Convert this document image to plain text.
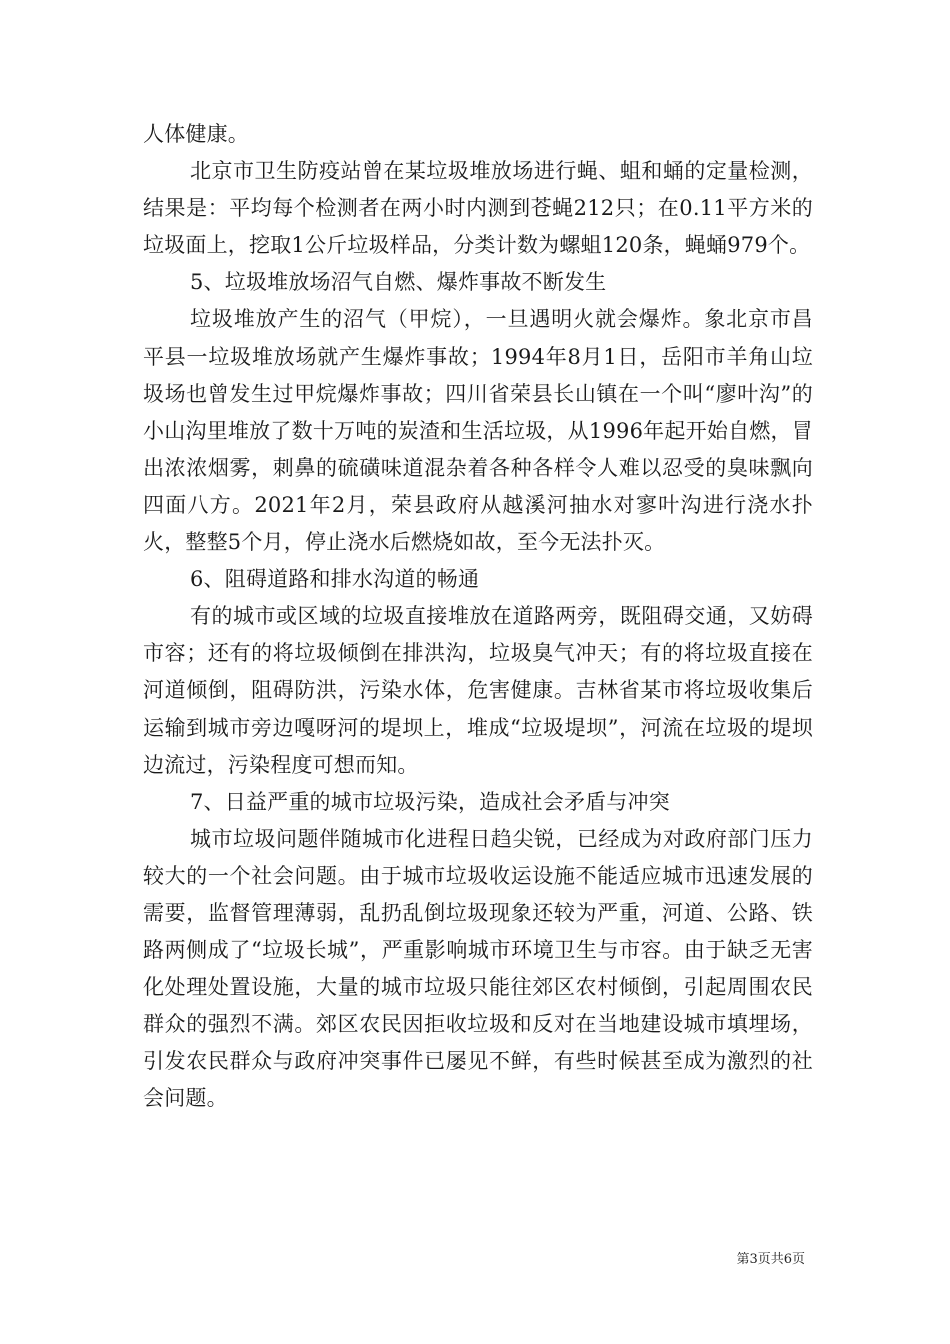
人体健康。

北京市卫生防疫站曾在某垃圾堆放场进行蝇、蛆和蛹的定量检测，结果是：平均每个检测者在两小时内测到苍蝇212只；在0.11平方米的垃圾面上，挖取1公斤垃圾样品，分类计数为螺蛆120条，蝇蛹979个。

5、垃圾堆放场沼气自燃、爆炸事故不断发生

垃圾堆放产生的沼气（甲烷），一旦遇明火就会爆炸。象北京市昌平县一垃圾堆放场就产生爆炸事故；1994年8月1日，岳阳市羊角山垃圾场也曾发生过甲烷爆炸事故；四川省荣县长山镇在一个叫“廖叶沟”的小山沟里堆放了数十万吨的炭渣和生活垃圾，从1996年起开始自燃，冒出浓浓烟雾，刺鼻的硫磺味道混杂着各种各样令人难以忍受的臭味飘向四面八方。2021年2月，荣县政府从越溪河抽水对寥叶沟进行浇水扑火，整整5个月，停止浇水后燃烧如故，至今无法扑灭。

6、阻碍道路和排水沟道的畅通

有的城市或区域的垃圾直接堆放在道路两旁，既阻碍交通，又妨碍市容；还有的将垃圾倾倒在排洪沟，垃圾臭气冲天；有的将垃圾直接在河道倾倒，阻碍防洪，污染水体，危害健康。吉林省某市将垃圾收集后运输到城市旁边嘎呀河的堤坝上，堆成“垃圾堤坝”，河流在垃圾的堤坝边流过，污染程度可想而知。

7、日益严重的城市垃圾污染，造成社会矛盾与冲突

城市垃圾问题伴随城市化进程日趋尖锐，已经成为对政府部门压力较大的一个社会问题。由于城市垃圾收运设施不能适应城市迅速发展的需要，监督管理薄弱，乱扔乱倒垃圾现象还较为严重，河道、公路、铁路两侧成了“垃圾长城”，严重影响城市环境卫生与市容。由于缺乏无害化处理处置设施，大量的城市垃圾只能往郊区农村倾倒，引起周围农民群众的强烈不满。郊区农民因拒收垃圾和反对在当地建设城市填埋场，引发农民群众与政府冲突事件已屡见不鲜，有些时候甚至成为激烈的社会问题。

第3页共6页
